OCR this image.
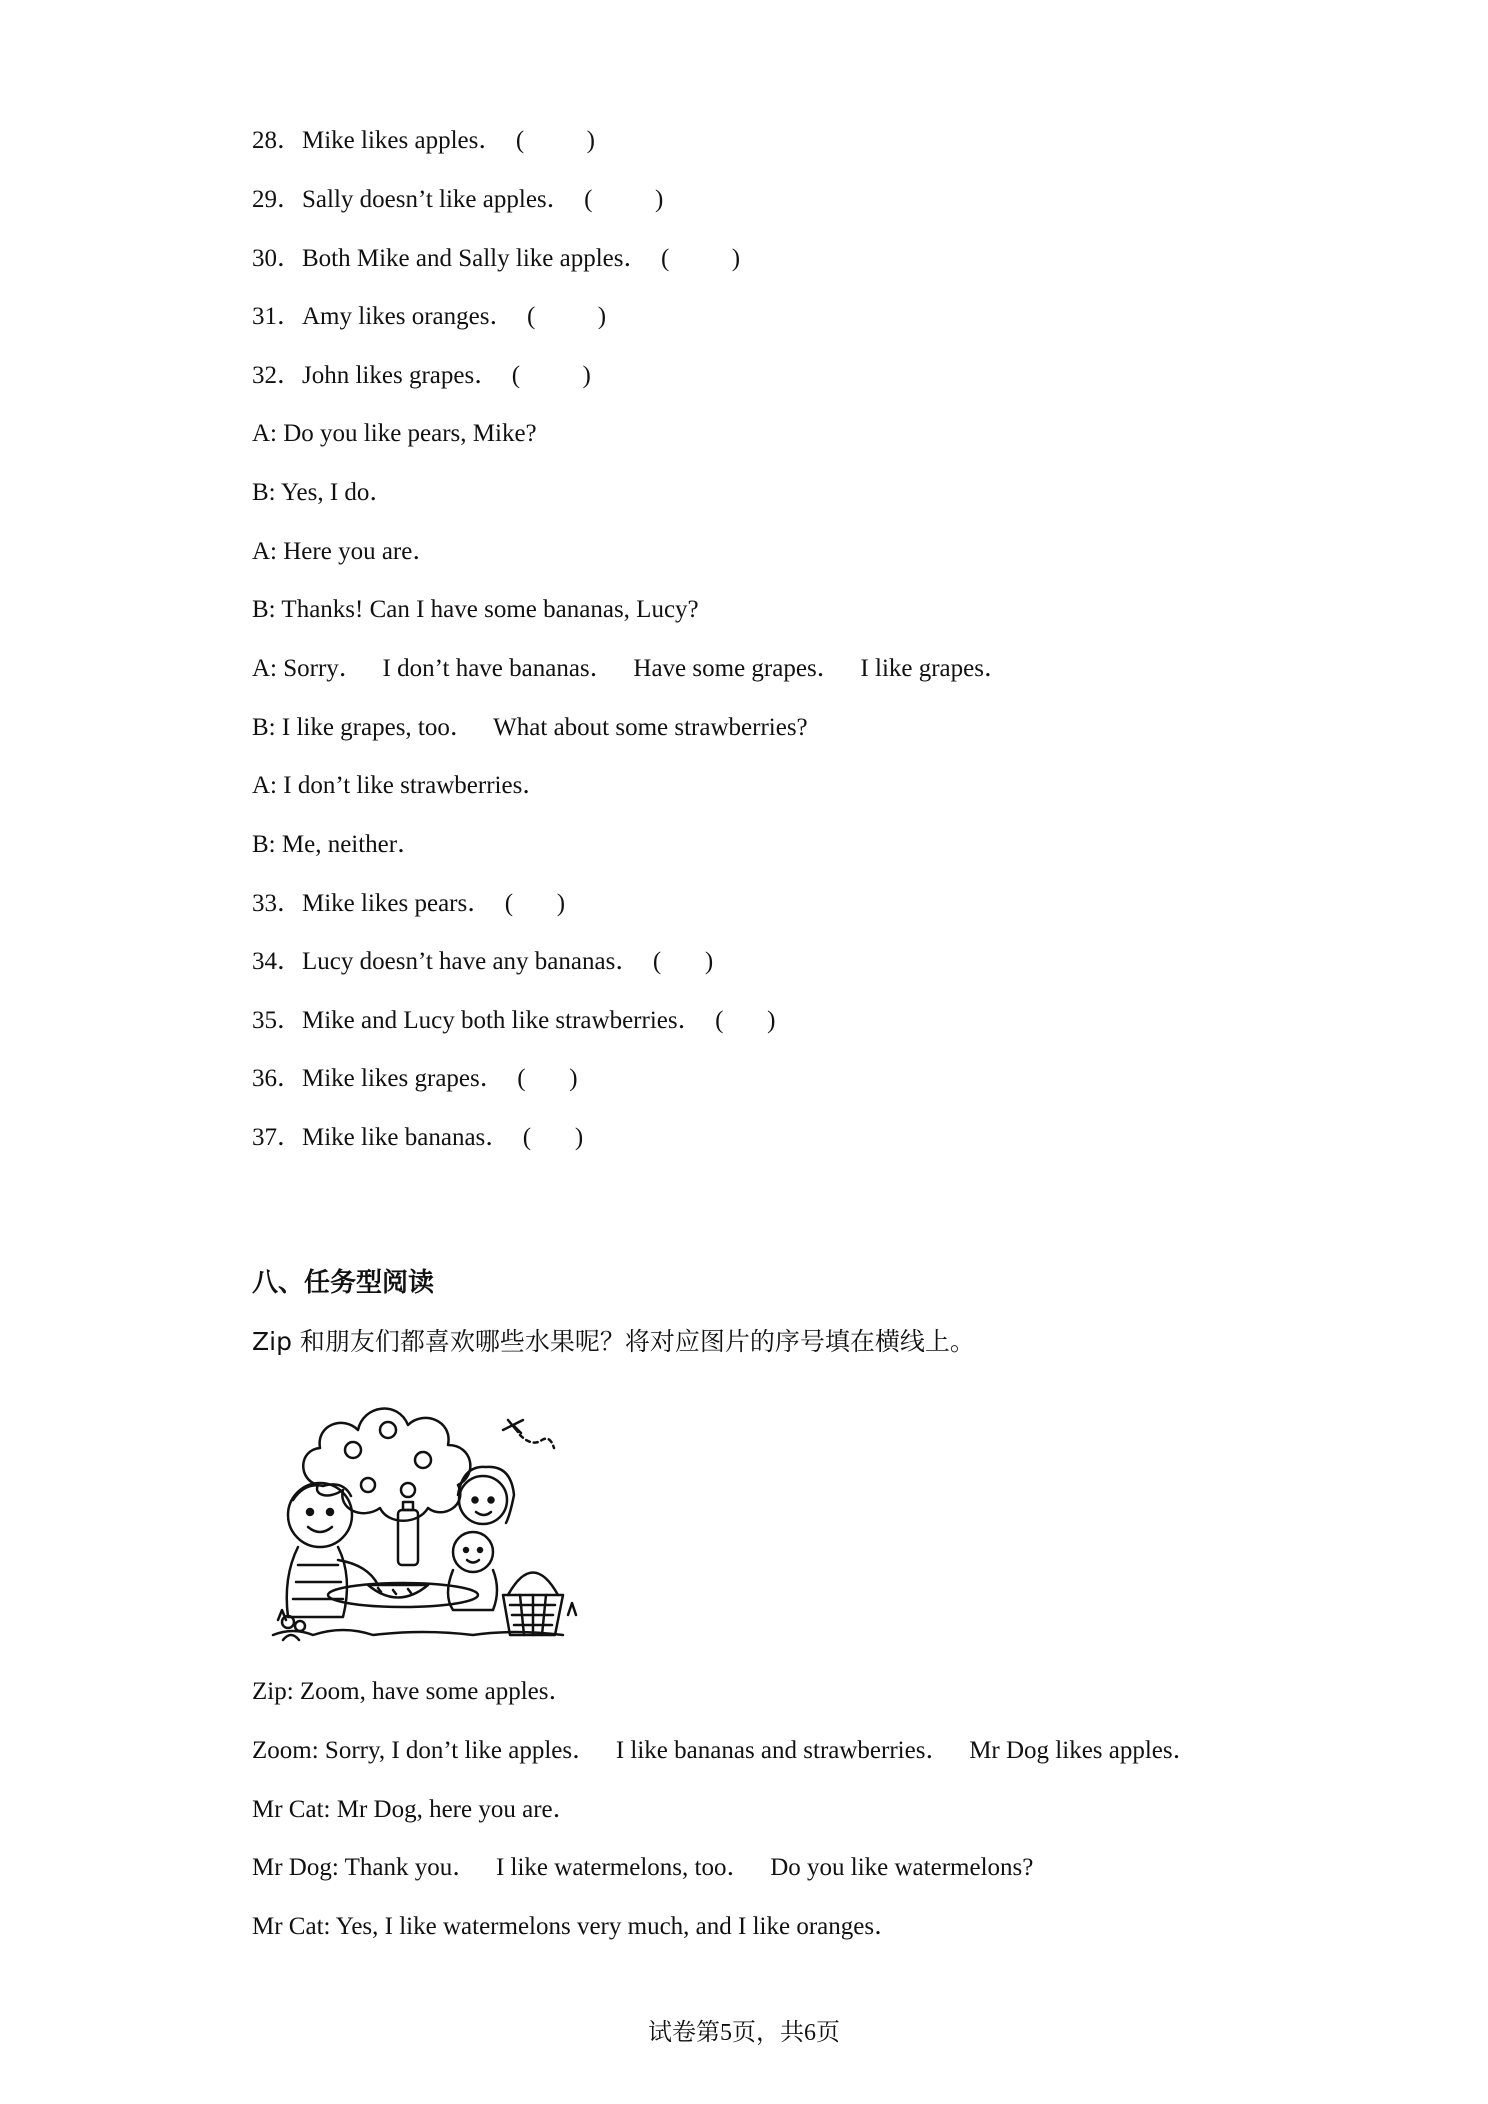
28．Mike likes apples．  (          )
29．Sally doesn’t like apples．  (          )
30．Both Mike and Sally like apples．  (          )
31．Amy likes oranges．  (          )
32．John likes grapes．  (          )
A: Do you like pears, Mike?
B: Yes, I do．
A: Here you are．
B: Thanks! Can I have some bananas, Lucy?
A: Sorry．   I don’t have bananas．   Have some grapes．   I like grapes．
B: I like grapes, too．   What about some strawberries?
A: I don’t like strawberries．
B: Me, neither．
33．Mike likes pears．  (       )
34．Lucy doesn’t have any bananas．  (       )
35．Mike and Lucy both like strawberries．  (       )
36．Mike likes grapes．  (       )
37．Mike like bananas．  (       )
八、任务型阅读
Zip 和朋友们都喜欢哪些水果呢？将对应图片的序号填在横线上。
Zip: Zoom, have some apples．
Zoom: Sorry, I don’t like apples．   I like bananas and strawberries．   Mr Dog likes apples．
Mr Cat: Mr Dog, here you are．
Mr Dog: Thank you．   I like watermelons, too．   Do you like watermelons?
Mr Cat: Yes, I like watermelons very much, and I like oranges．
试卷第5页，共6页
